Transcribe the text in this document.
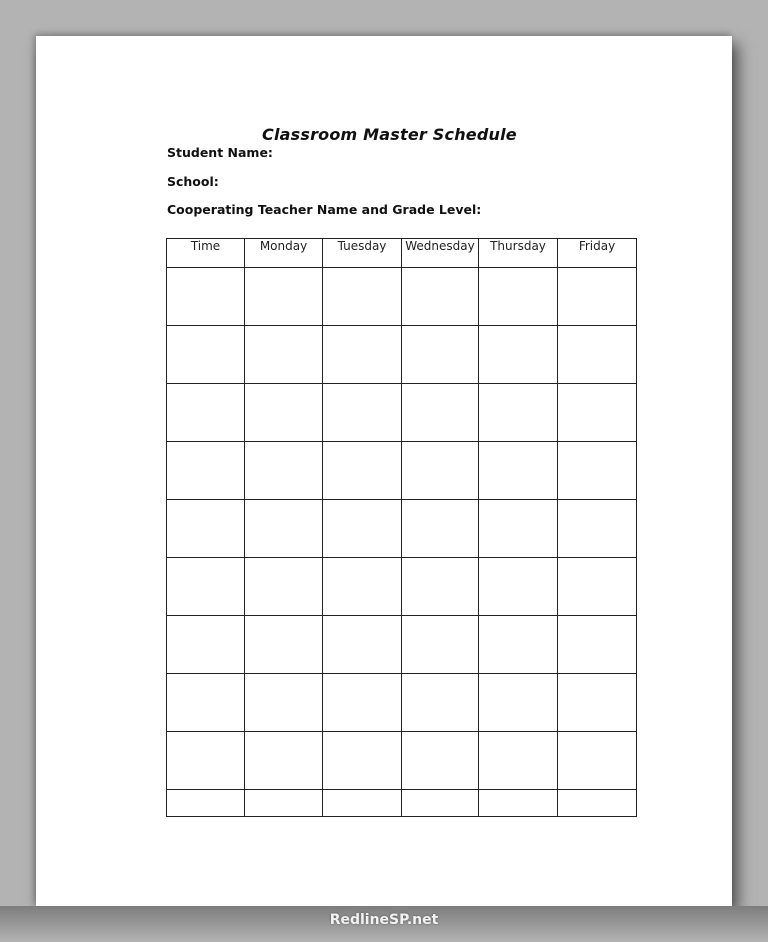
Classroom Master Schedule
Student Name:
School:
Cooperating Teacher Name and Grade Level:
Time	Monday	Tuesday	Wednesday	Thursday	Friday

RedlineSP.net
